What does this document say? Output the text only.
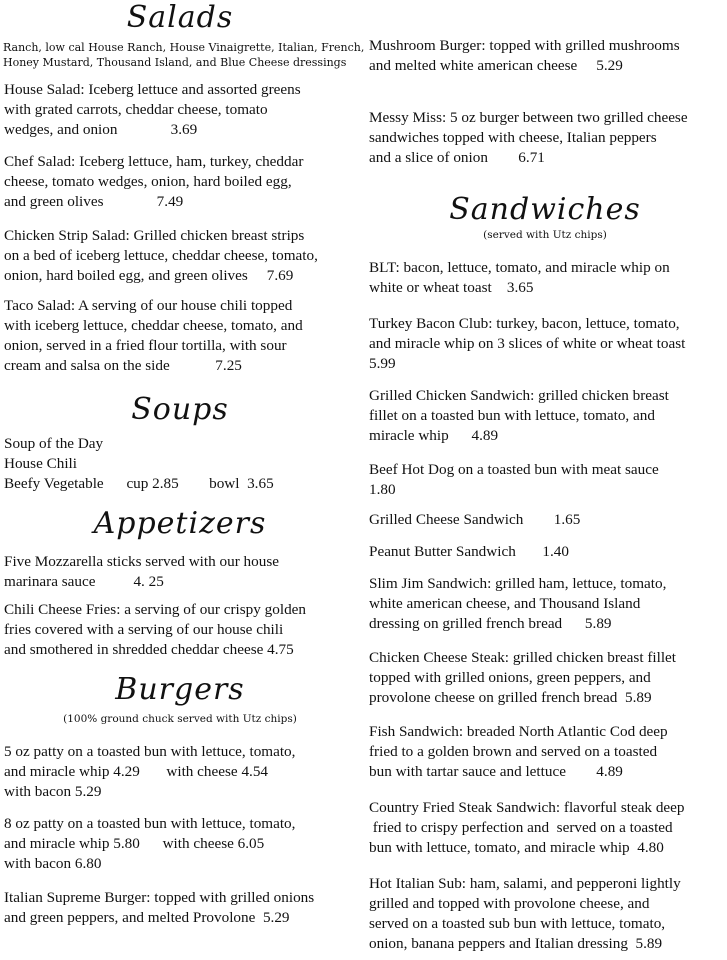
Salads
Ranch, low cal House Ranch, House Vinaigrette, Italian, French,
Honey Mustard, Thousand Island, and Blue Cheese dressings
House Salad: Iceberg lettuce and assorted greens
with grated carrots, cheddar cheese, tomato
wedges, and onion              3.69
Chef Salad: Iceberg lettuce, ham, turkey, cheddar
cheese, tomato wedges, onion, hard boiled egg,
and green olives              7.49
Chicken Strip Salad: Grilled chicken breast strips
on a bed of iceberg lettuce, cheddar cheese, tomato,
onion, hard boiled egg, and green olives     7.69
Taco Salad: A serving of our house chili topped
with iceberg lettuce, cheddar cheese, tomato, and
onion, served in a fried flour tortilla, with sour
cream and salsa on the side            7.25
Soups
Soup of the Day
House Chili
Beefy Vegetable      cup 2.85        bowl  3.65
Appetizers
Five Mozzarella sticks served with our house
marinara sauce          4. 25
Chili Cheese Fries: a serving of our crispy golden
fries covered with a serving of our house chili
and smothered in shredded cheddar cheese 4.75
Burgers
(100% ground chuck served with Utz chips)
5 oz patty on a toasted bun with lettuce, tomato,
and miracle whip 4.29       with cheese 4.54
with bacon 5.29
8 oz patty on a toasted bun with lettuce, tomato,
and miracle whip 5.80      with cheese 6.05
with bacon 6.80
Italian Supreme Burger: topped with grilled onions
and green peppers, and melted Provolone  5.29
Mushroom Burger: topped with grilled mushrooms
and melted white american cheese     5.29
Messy Miss: 5 oz burger between two grilled cheese
sandwiches topped with cheese, Italian peppers
and a slice of onion        6.71
Sandwiches
(served with Utz chips)
BLT: bacon, lettuce, tomato, and miracle whip on
white or wheat toast    3.65
Turkey Bacon Club: turkey, bacon, lettuce, tomato,
and miracle whip on 3 slices of white or wheat toast
5.99
Grilled Chicken Sandwich: grilled chicken breast
fillet on a toasted bun with lettuce, tomato, and
miracle whip      4.89
Beef Hot Dog on a toasted bun with meat sauce
1.80
Grilled Cheese Sandwich        1.65
Peanut Butter Sandwich       1.40
Slim Jim Sandwich: grilled ham, lettuce, tomato,
white american cheese, and Thousand Island
dressing on grilled french bread      5.89
Chicken Cheese Steak: grilled chicken breast fillet
topped with grilled onions, green peppers, and
provolone cheese on grilled french bread  5.89
Fish Sandwich: breaded North Atlantic Cod deep
fried to a golden brown and served on a toasted
bun with tartar sauce and lettuce        4.89
Country Fried Steak Sandwich: flavorful steak deep
fried to crispy perfection and  served on a toasted
bun with lettuce, tomato, and miracle whip  4.80
Hot Italian Sub: ham, salami, and pepperoni lightly
grilled and topped with provolone cheese, and
served on a toasted sub bun with lettuce, tomato,
onion, banana peppers and Italian dressing  5.89
